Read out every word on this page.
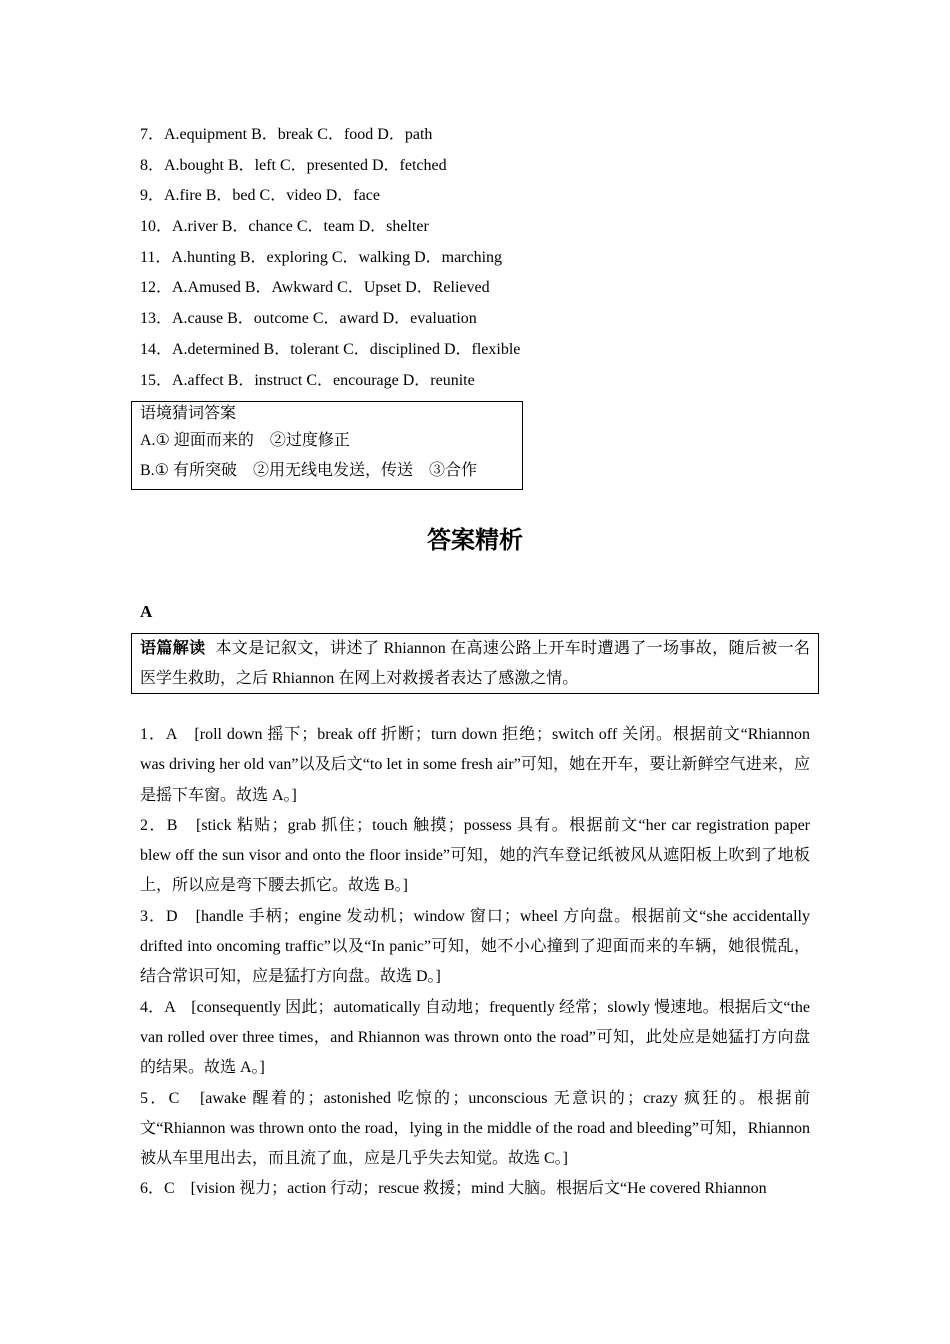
7．A.equipment B．break C．food D．path
8．A.bought B．left C．presented D．fetched
9．A.fire B．bed C．video D．face
10．A.river B．chance C．team D．shelter
11．A.hunting B．exploring C．walking D．marching
12．A.Amused B．Awkward C．Upset D．Relieved
13．A.cause B．outcome C．award D．evaluation
14．A.determined B．tolerant C．disciplined D．flexible
15．A.affect B．instruct C．encourage D．reunite
语境猜词答案
A.① 迎面而来的　②过度修正
B.① 有所突破　②用无线电发送，传送　③合作
答案精析
A
语篇解读 本文是记叙文，讲述了 Rhiannon 在高速公路上开车时遭遇了一场事故，随后被一名医学生救助，之后 Rhiannon 在网上对救援者表达了感激之情。
1．A　[roll down 摇下；break off 折断；turn down 拒绝；switch off 关闭。根据前文“Rhiannon was driving her old van”以及后文“to let in some fresh air”可知，她在开车，要让新鲜空气进来，应是摇下车窗。故选 A。]
2．B　[stick 粘贴；grab 抓住；touch 触摸；possess 具有。根据前文“her car registration paper blew off the sun visor and onto the floor inside”可知，她的汽车登记纸被风从遮阳板上吹到了地板上，所以应是弯下腰去抓它。故选 B。]
3．D　[handle 手柄；engine 发动机；window 窗口；wheel 方向盘。根据前文“she accidentally drifted into oncoming traffic”以及“In panic”可知，她不小心撞到了迎面而来的车辆，她很慌乱，结合常识可知，应是猛打方向盘。故选 D。]
4．A　[consequently 因此；automatically 自动地；frequently 经常；slowly 慢速地。根据后文“the van rolled over three times，and Rhiannon was thrown onto the road”可知，此处应是她猛打方向盘的结果。故选 A。]
5．C　[awake 醒着的；astonished 吃惊的；unconscious 无意识的；crazy 疯狂的。根据前文“Rhiannon was thrown onto the road，lying in the middle of the road and bleeding”可知，Rhiannon 被从车里甩出去，而且流了血，应是几乎失去知觉。故选 C。]
6．C　[vision 视力；action 行动；rescue 救援；mind 大脑。根据后文“He covered Rhiannon
